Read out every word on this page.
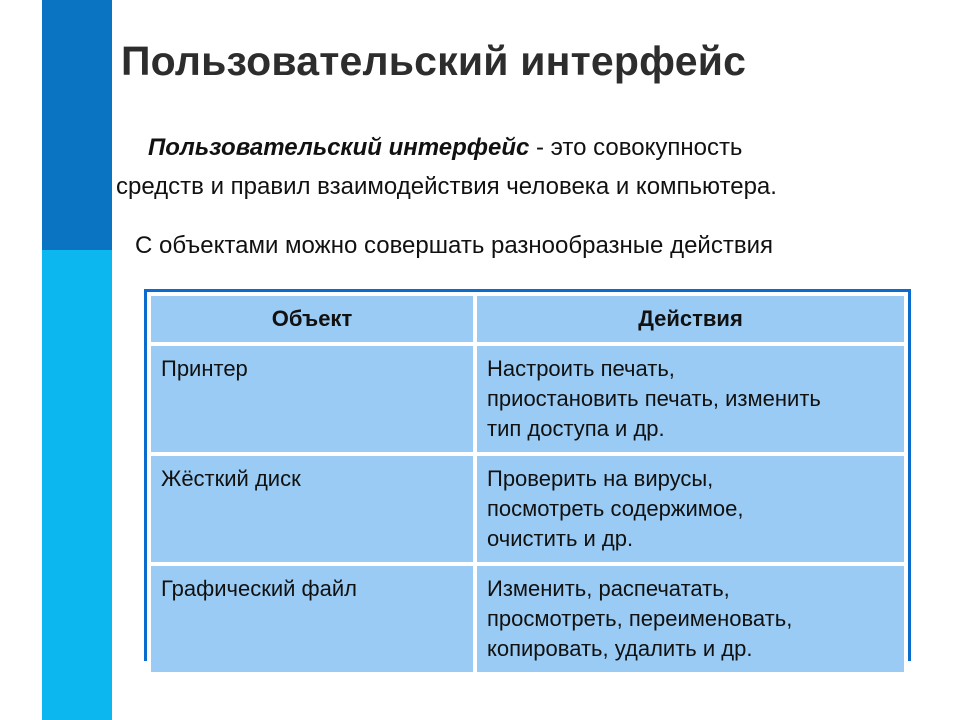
Пользовательский интерфейс
Пользовательский интерфейс - это совокупность
средств и правил взаимодействия человека и компьютера.
С объектами можно совершать разнообразные действия
Объект	Действия
Принтер	Настроить печать,
приостановить печать, изменить
тип доступа и др.

Жёсткий диск	Проверить на вирусы,
посмотреть содержимое,
очистить и др.

Графический файл	Изменить, распечатать,
просмотреть, переименовать,
копировать, удалить и др.
